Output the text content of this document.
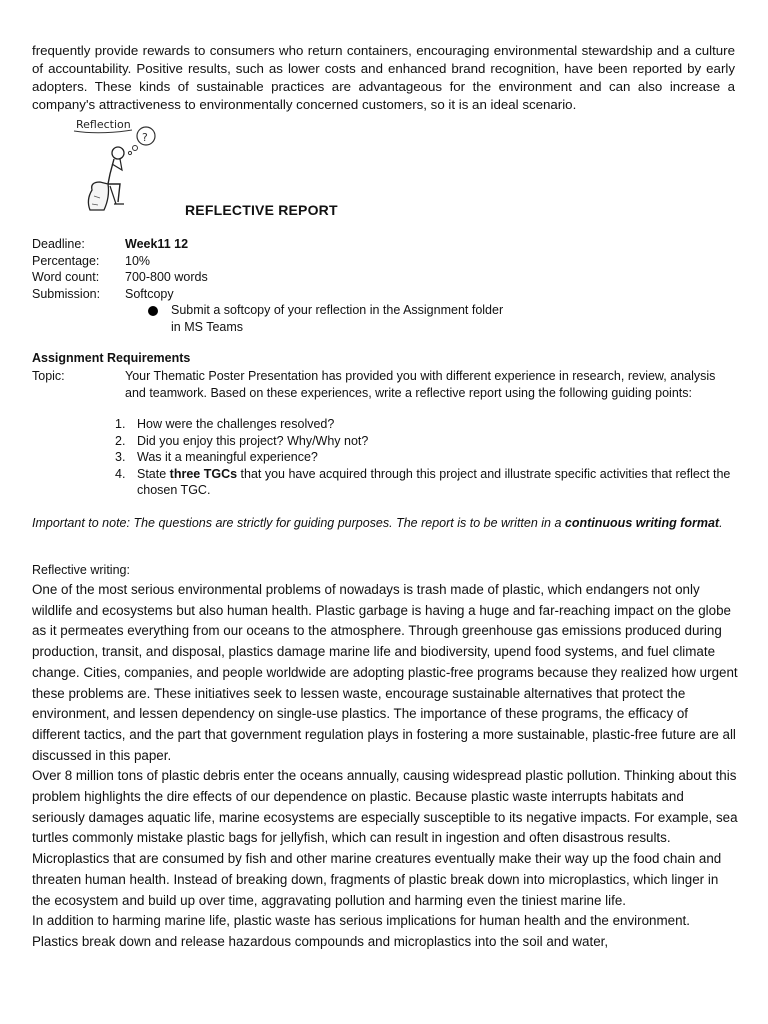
frequently provide rewards to consumers who return containers, encouraging environmental stewardship and a culture of accountability. Positive results, such as lower costs and enhanced brand recognition, have been reported by early adopters. These kinds of sustainable practices are advantageous for the environment and can also increase a company's attractiveness to environmentally concerned customers, so it is an ideal scenario.

Reflection
?
REFLECTIVE REPORT
Deadline:	Week11 12
Percentage:	10%
Word count:	700-800 words
Submission:	Softcopy
Submit a softcopy of your reflection in the Assignment folder in MS Teams
Assignment Requirements
Topic:	Your Thematic Poster Presentation has provided you with different experience in research, review, analysis and teamwork. Based on these experiences, write a reflective report using the following guiding points:
1. How were the challenges resolved?
2. Did you enjoy this project? Why/Why not?
3. Was it a meaningful experience?
4. State three TGCs that you have acquired through this project and illustrate specific activities that reflect the chosen TGC.
Important to note: The questions are strictly for guiding purposes. The report is to be written in a continuous writing format.
Reflective writing:

One of the most serious environmental problems of nowadays is trash made of plastic, which endangers not only wildlife and ecosystems but also human health. Plastic garbage is having a huge and far-reaching impact on the globe as it permeates everything from our oceans to the atmosphere. Through greenhouse gas emissions produced during production, transit, and disposal, plastics damage marine life and biodiversity, upend food systems, and fuel climate change. Cities, companies, and people worldwide are adopting plastic-free programs because they realized how urgent these problems are. These initiatives seek to lessen waste, encourage sustainable alternatives that protect the environment, and lessen dependency on single-use plastics. The importance of these programs, the efficacy of different tactics, and the part that government regulation plays in fostering a more sustainable, plastic-free future are all discussed in this paper.

Over 8 million tons of plastic debris enter the oceans annually, causing widespread plastic pollution. Thinking about this problem highlights the dire effects of our dependence on plastic. Because plastic waste interrupts habitats and seriously damages aquatic life, marine ecosystems are especially susceptible to its negative impacts. For example, sea turtles commonly mistake plastic bags for jellyfish, which can result in ingestion and often disastrous results. Microplastics that are consumed by fish and other marine creatures eventually make their way up the food chain and threaten human health. Instead of breaking down, fragments of plastic break down into microplastics, which linger in the ecosystem and build up over time, aggravating pollution and harming even the tiniest marine life.

In addition to harming marine life, plastic waste has serious implications for human health and the environment. Plastics break down and release hazardous compounds and microplastics into the soil and water,
